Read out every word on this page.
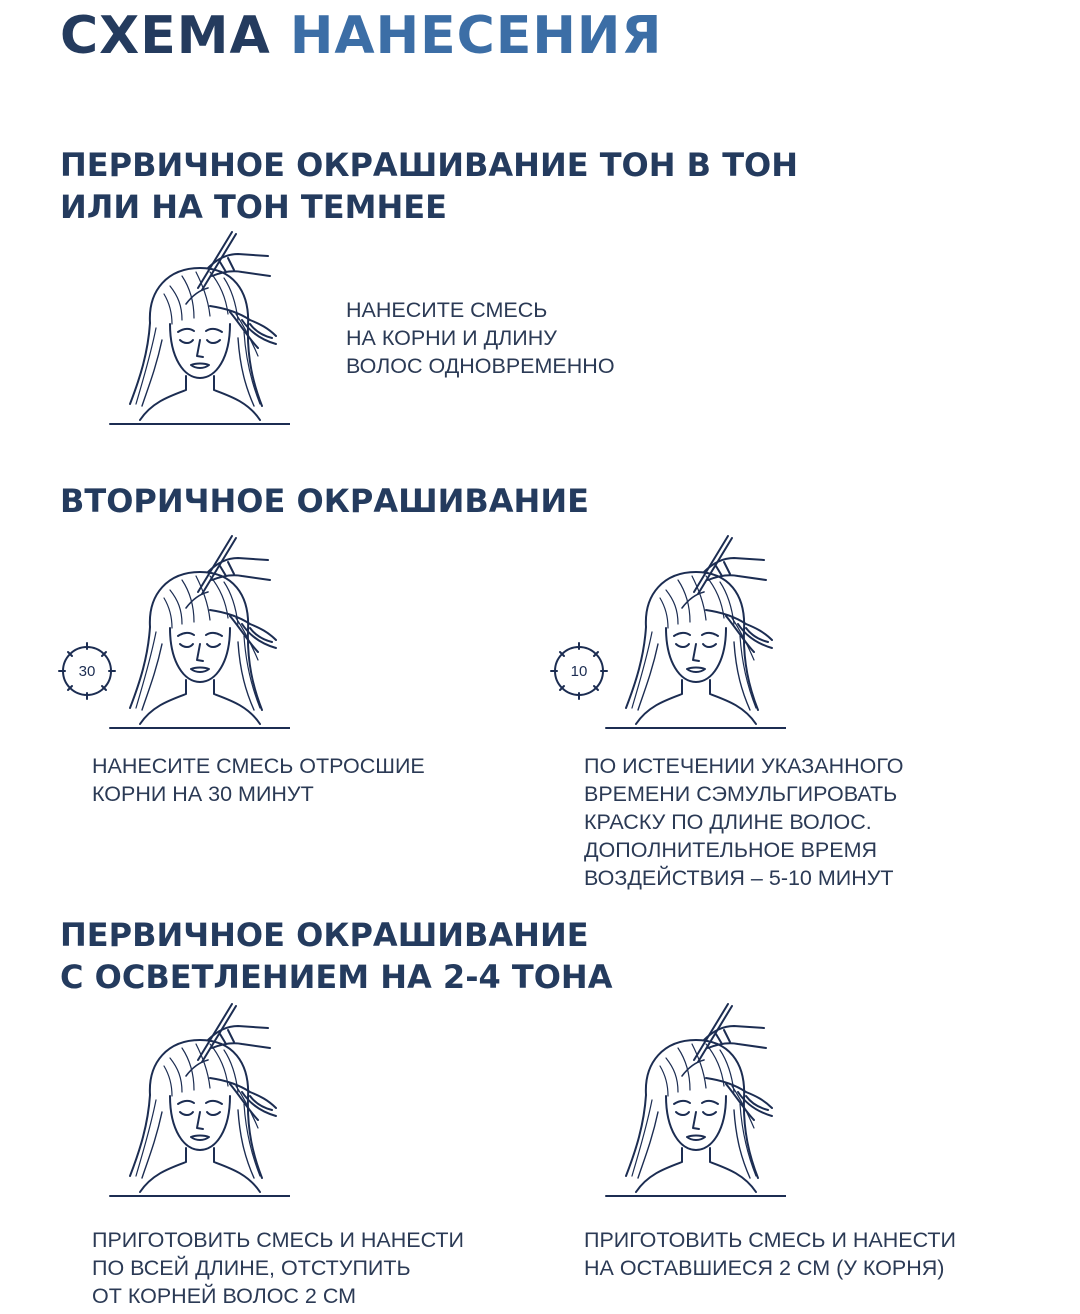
СХЕМА НАНЕСЕНИЯ
ПЕРВИЧНОЕ ОКРАШИВАНИЕ ТОН В ТОН
ИЛИ НА ТОН ТЕМНЕЕ

НАНЕСИТЕ СМЕСЬ
НА КОРНИ И ДЛИНУ
ВОЛОС ОДНОВРЕМЕННО

ВТОРИЧНОЕ ОКРАШИВАНИЕ
30

НАНЕСИТЕ СМЕСЬ ОТРОСШИЕ
КОРНИ НА 30 МИНУТ

10

ПО ИСТЕЧЕНИИ УКАЗАННОГО
ВРЕМЕНИ СЭМУЛЬГИРОВАТЬ
КРАСКУ ПО ДЛИНЕ ВОЛОС.
ДОПОЛНИТЕЛЬНОЕ ВРЕМЯ
ВОЗДЕЙСТВИЯ – 5-10 МИНУТ

ПЕРВИЧНОЕ ОКРАШИВАНИЕ
С ОСВЕТЛЕНИЕМ НА 2-4 ТОНА

ПРИГОТОВИТЬ СМЕСЬ И НАНЕСТИ
ПО ВСЕЙ ДЛИНЕ, ОТСТУПИТЬ
ОТ КОРНЕЙ ВОЛОС 2 СМ

ПРИГОТОВИТЬ СМЕСЬ И НАНЕСТИ
НА ОСТАВШИЕСЯ 2 СМ (У КОРНЯ)
